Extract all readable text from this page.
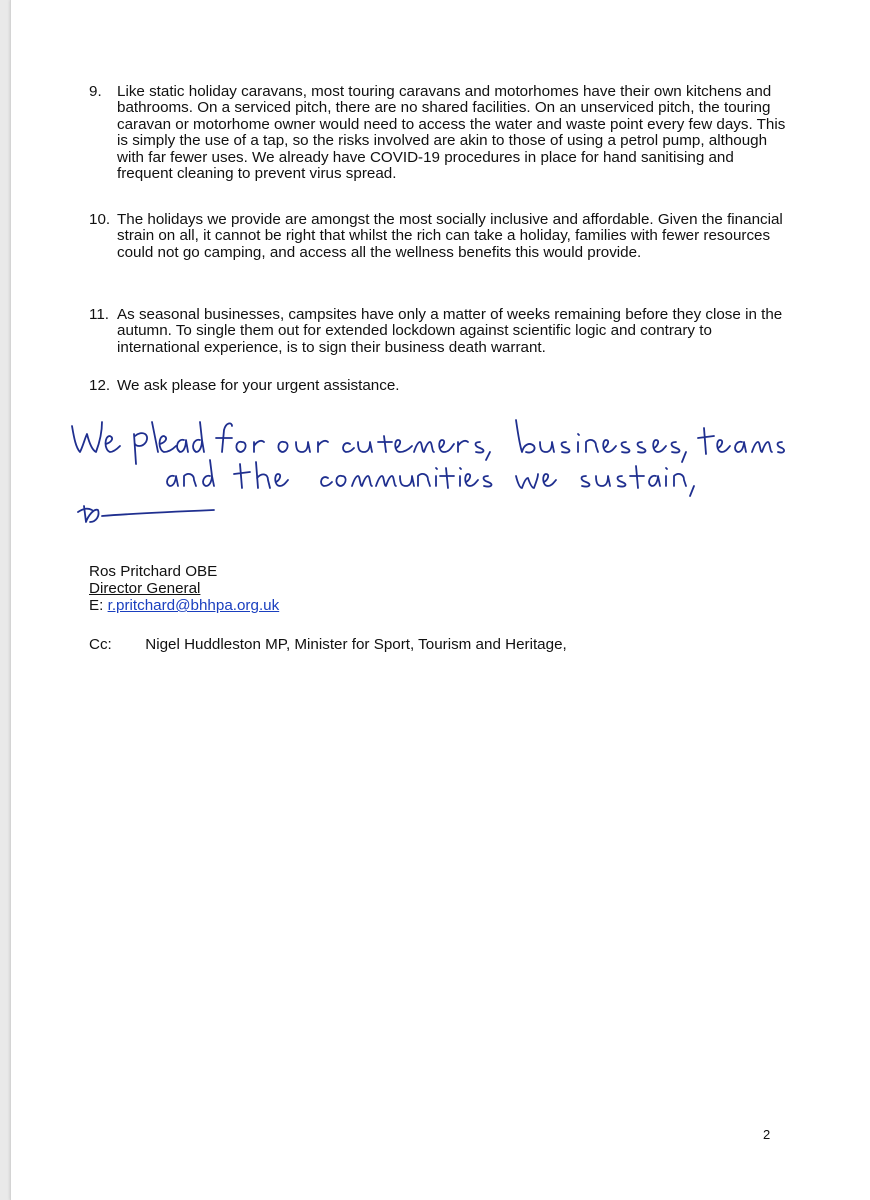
9. Like static holiday caravans, most touring caravans and motorhomes have their own kitchens and bathrooms. On a serviced pitch, there are no shared facilities. On an unserviced pitch, the touring caravan or motorhome owner would need to access the water and waste point every few days. This is simply the use of a tap, so the risks involved are akin to those of using a petrol pump, although with far fewer uses. We already have COVID-19 procedures in place for hand sanitising and frequent cleaning to prevent virus spread.
10. The holidays we provide are amongst the most socially inclusive and affordable. Given the financial strain on all, it cannot be right that whilst the rich can take a holiday, families with fewer resources could not go camping, and access all the wellness benefits this would provide.
11. As seasonal businesses, campsites have only a matter of weeks remaining before they close in the autumn. To single them out for extended lockdown against scientific logic and contrary to international experience, is to sign their business death warrant.
12. We ask please for your urgent assistance.
Ros Pritchard OBE
Director General
E: r.pritchard@bhhpa.org.uk
Cc: Nigel Huddleston MP, Minister for Sport, Tourism and Heritage,
2
